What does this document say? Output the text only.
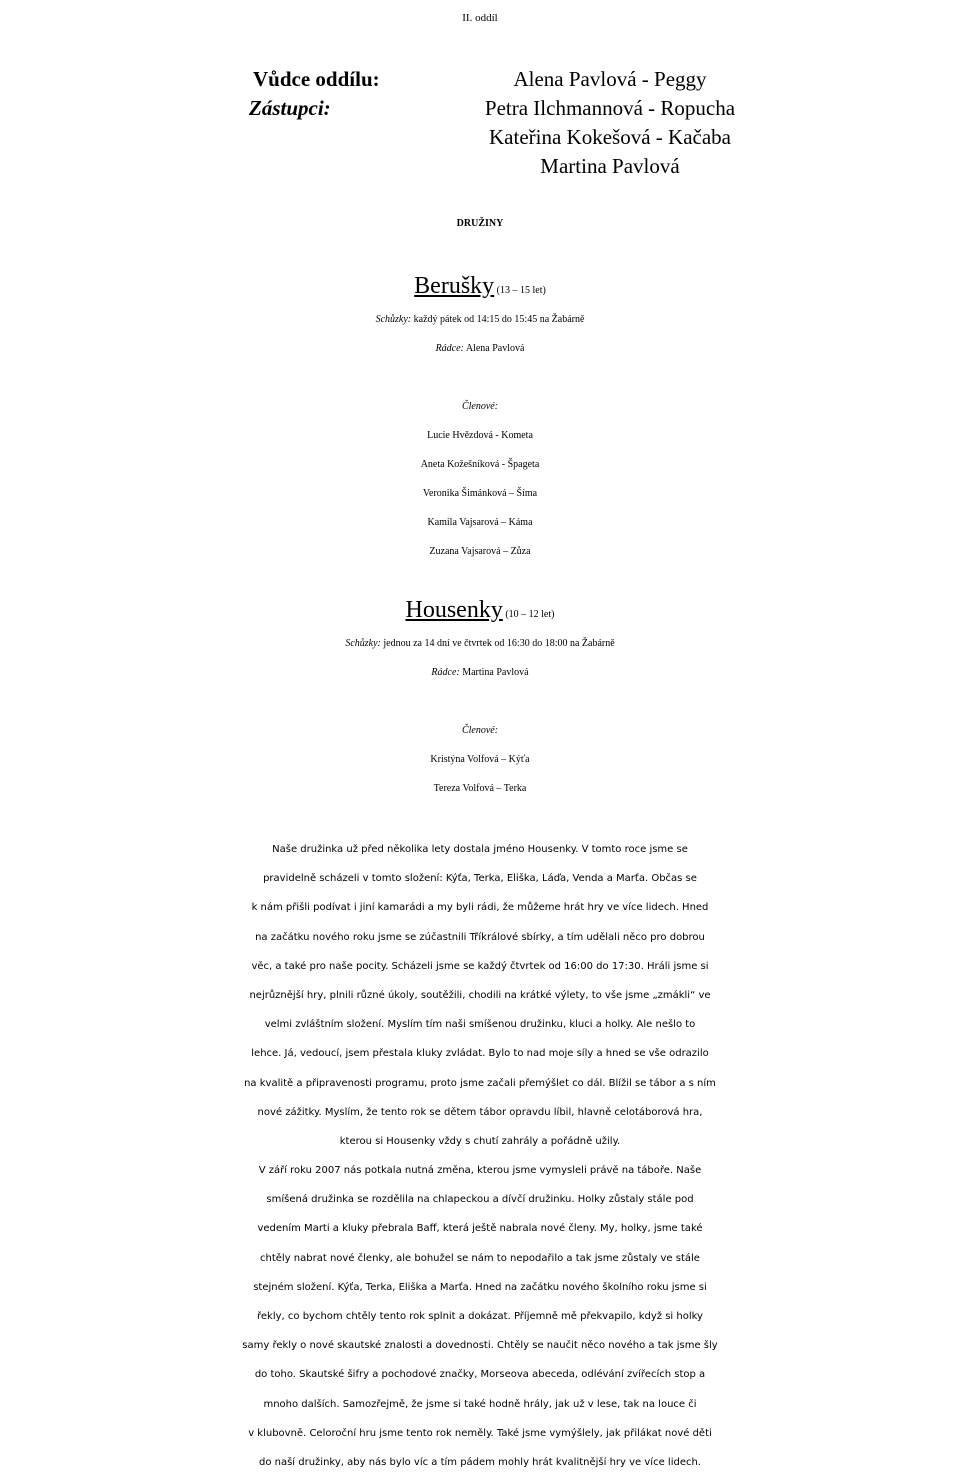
II. oddíl
Vůdce oddílu:	Alena Pavlová - Peggy
Zástupci:	Petra Ilchmannová - Ropucha
Kateřina Kokešová - Kačaba
Martina Pavlová
DRUŽINY
Berušky (13 – 15 let)
Schůzky: každý pátek od 14:15 do 15:45 na Žabárně
Rádce: Alena Pavlová
Členové:
Lucie Hvězdová - Kometa
Aneta Kožešníková - Špageta
Veronika Šimánková – Šíma
Kamila Vajsarová – Káma
Zuzana Vajsarová – Zůza
Housenky (10 – 12 let)
Schůzky: jednou za 14 dní ve čtvrtek od 16:30 do 18:00 na Žabárně
Rádce: Martina Pavlová
Členové:
Kristýna Volfová – Kýťa
Tereza Volfová – Terka
Naše družinka už před několika lety dostala jméno Housenky. V tomto roce jsme se
pravidelně scházeli v tomto složení: Kýťa, Terka, Eliška, Láďa, Venda a Marťa. Občas se
k nám přišli podívat i jiní kamarádi a my byli rádi, že můžeme hrát hry ve více lidech. Hned
na začátku nového roku jsme se zúčastnili Tříkrálové sbírky, a tím udělali něco pro dobrou
věc, a také pro naše pocity. Scházeli jsme se každý čtvrtek od 16:00 do 17:30. Hráli jsme si
nejrůznější hry, plnili různé úkoly, soutěžili, chodili na krátké výlety, to vše jsme „zmákli“ ve
velmi zvláštním složení. Myslím tím naši smíšenou družinku, kluci a holky. Ale nešlo to
lehce. Já, vedoucí, jsem přestala kluky zvládat. Bylo to nad moje síly a hned se vše odrazilo
na kvalitě a připravenosti programu, proto jsme začali přemýšlet co dál. Blížil se tábor a s ním
nové zážitky. Myslím, že tento rok se dětem tábor opravdu líbil, hlavně celotáborová hra,
kterou si Housenky vždy s chutí zahrály a pořádně užily.
V září roku 2007 nás potkala nutná změna, kterou jsme vymysleli právě na táboře. Naše
smíšená družinka se rozdělila na chlapeckou a dívčí družinku. Holky zůstaly stále pod
vedením Marti a kluky přebrala Baff, která ještě nabrala nové členy. My, holky, jsme také
chtěly nabrat nové členky, ale bohužel se nám to nepodařilo a tak jsme zůstaly ve stále
stejném složení. Kýťa, Terka, Eliška a Marťa. Hned na začátku nového školního roku jsme si
řekly, co bychom chtěly tento rok splnit a dokázat. Příjemně mě překvapilo, když si holky
samy řekly o nové skautské znalosti a dovednosti. Chtěly se naučit něco nového a tak jsme šly
do toho. Skautské šifry a pochodové značky, Morseova abeceda, odlévání zvířecích stop a
mnoho dalších. Samozřejmě, že jsme si také hodně hrály, jak už v lese, tak na louce či
v klubovně. Celoroční hru jsme tento rok neměly. Také jsme vymýšlely, jak přilákat nové děti
do naší družinky, aby nás bylo víc a tím pádem mohly hrát kvalitnější hry ve více lidech.
